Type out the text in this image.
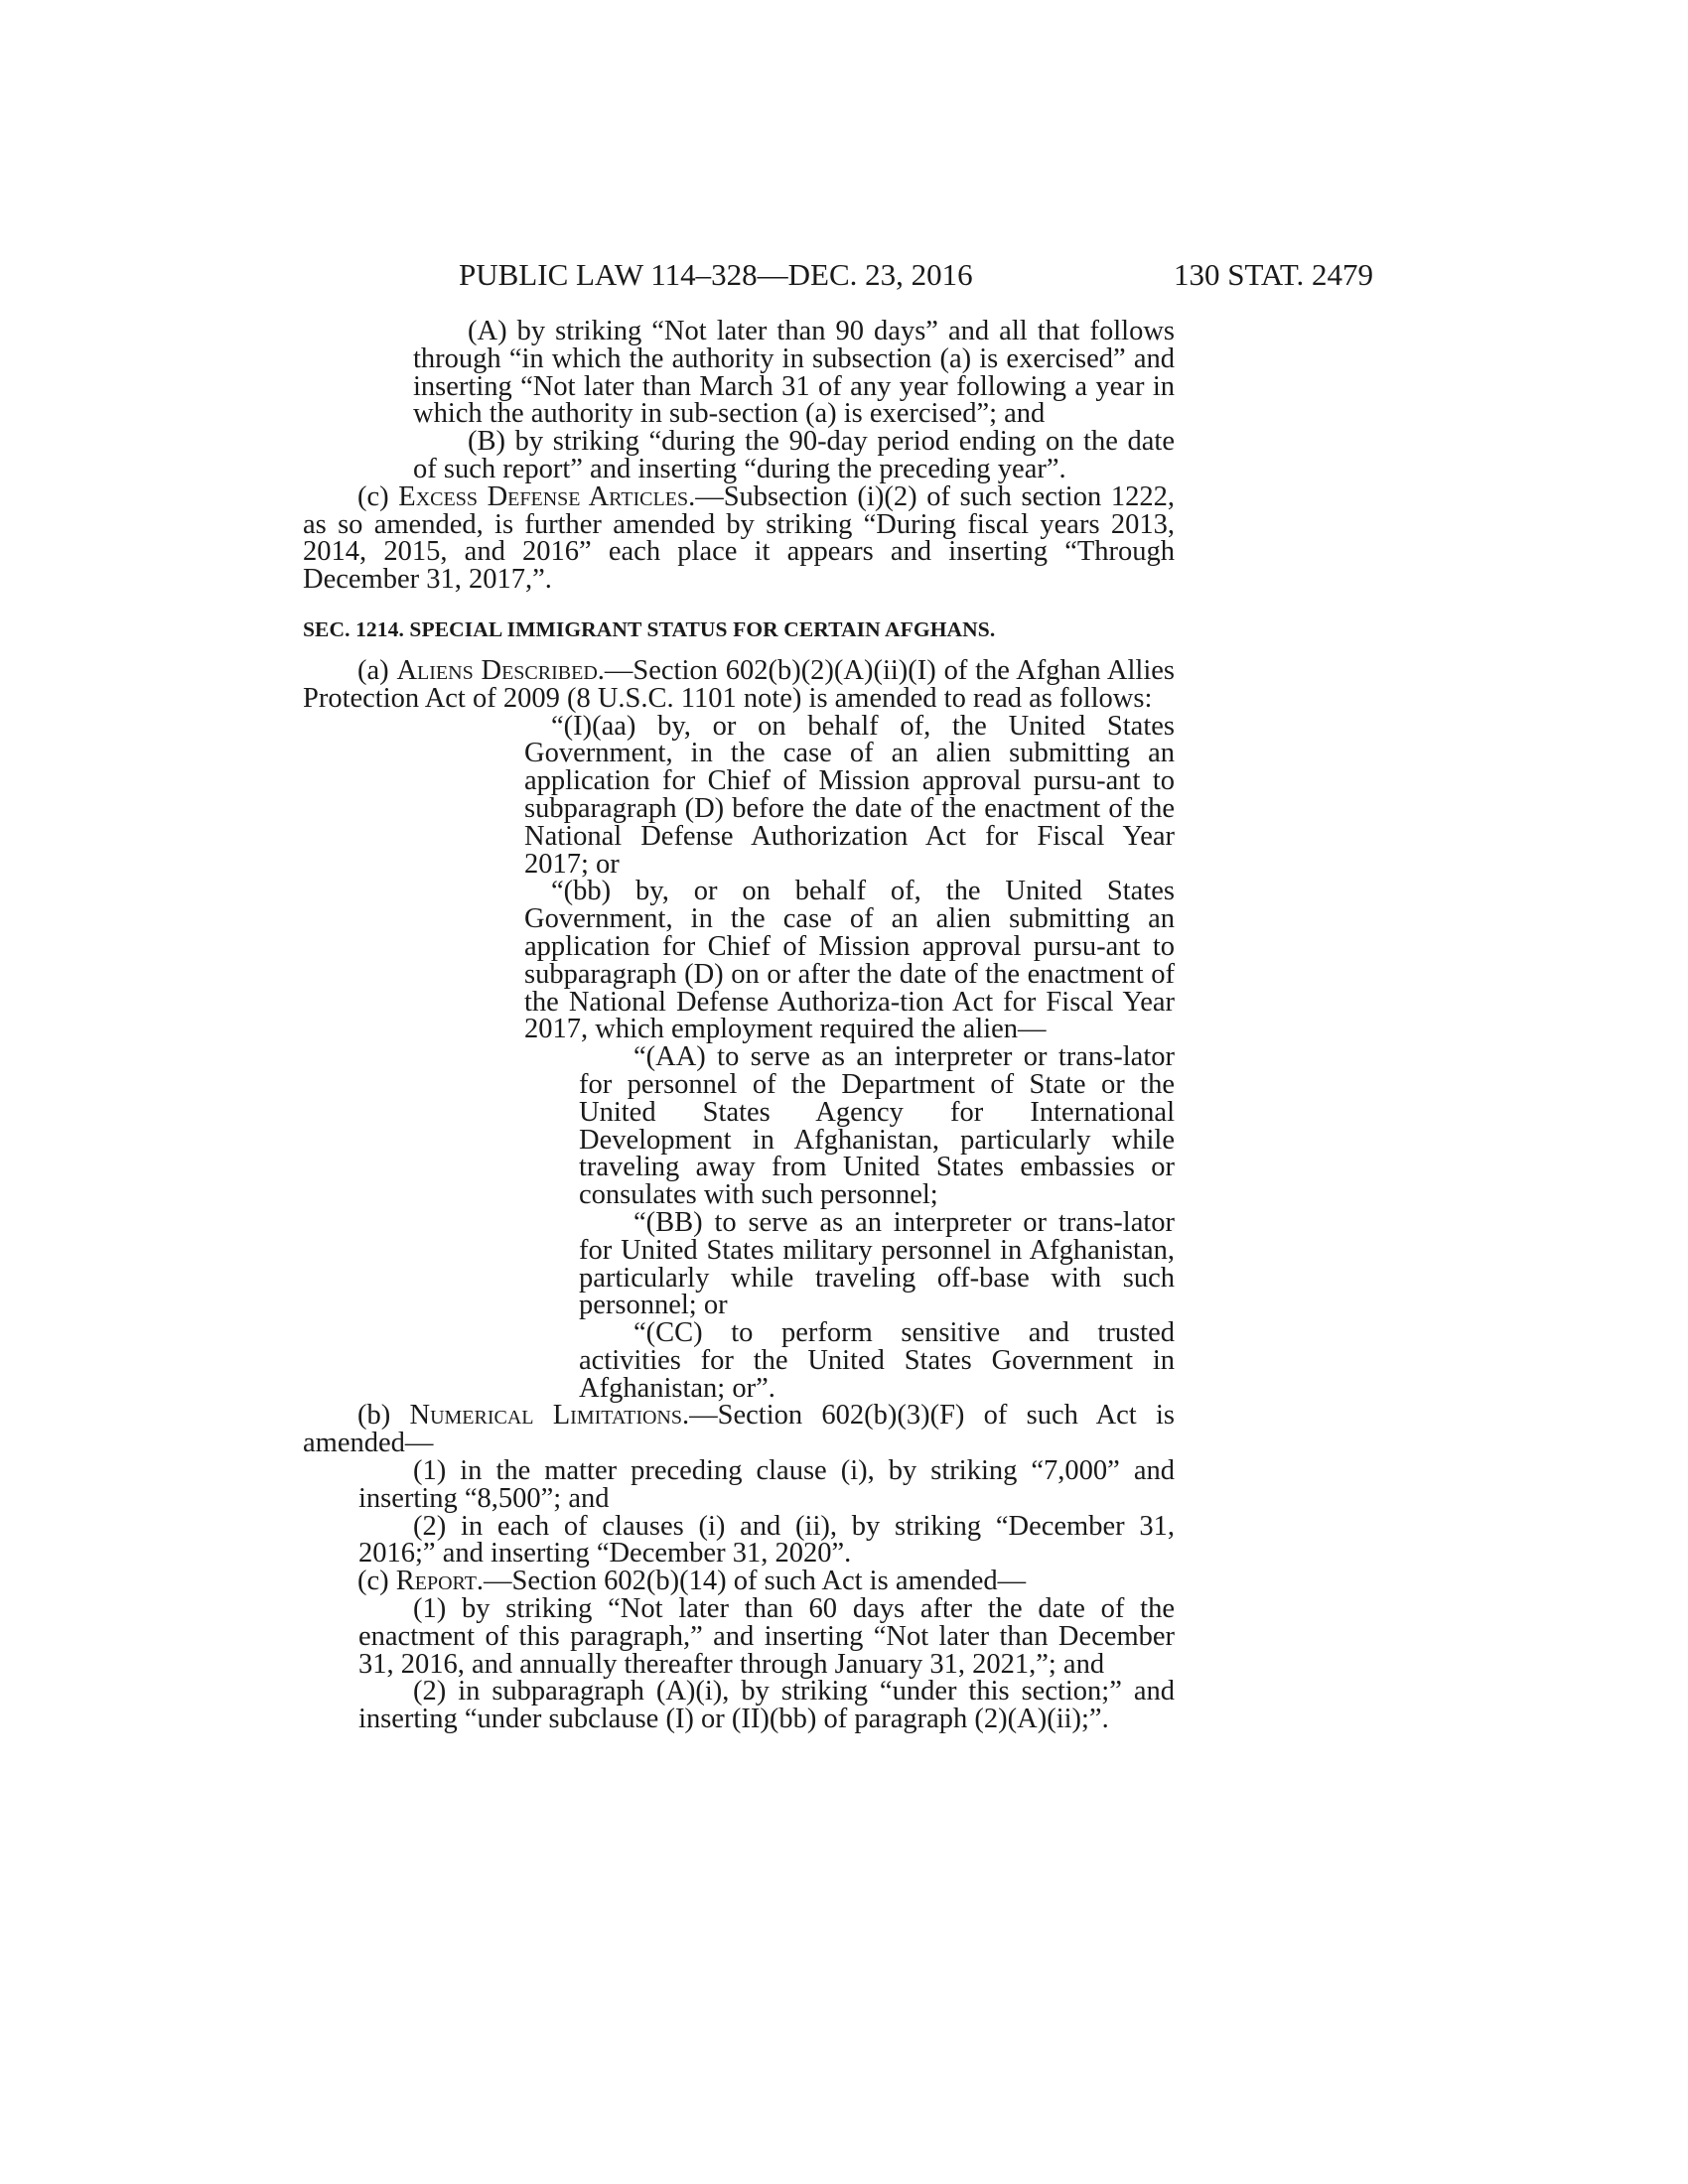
PUBLIC LAW 114–328—DEC. 23, 2016	130 STAT. 2479

(A) by striking “Not later than 90 days” and all that follows through “in which the authority in subsection (a) is exercised” and inserting “Not later than March 31 of any year following a year in which the authority in sub-section (a) is exercised”; and

(B) by striking “during the 90-day period ending on the date of such report” and inserting “during the preceding year”.

(c) Excess Defense Articles.—Subsection (i)(2) of such section 1222, as so amended, is further amended by striking “During fiscal years 2013, 2014, 2015, and 2016” each place it appears and inserting “Through December 31, 2017,”.

SEC. 1214. SPECIAL IMMIGRANT STATUS FOR CERTAIN AFGHANS.

(a) Aliens Described.—Section 602(b)(2)(A)(ii)(I) of the Afghan Allies Protection Act of 2009 (8 U.S.C. 1101 note) is amended to read as follows:

“(I)(aa) by, or on behalf of, the United States Government, in the case of an alien submitting an application for Chief of Mission approval pursu-ant to subparagraph (D) before the date of the enactment of the National Defense Authorization Act for Fiscal Year 2017; or

“(bb) by, or on behalf of, the United States Government, in the case of an alien submitting an application for Chief of Mission approval pursu-ant to subparagraph (D) on or after the date of the enactment of the National Defense Authoriza-tion Act for Fiscal Year 2017, which employment required the alien—

“(AA) to serve as an interpreter or trans-lator for personnel of the Department of State or the United States Agency for International Development in Afghanistan, particularly while traveling away from United States embassies or consulates with such personnel;

“(BB) to serve as an interpreter or trans-lator for United States military personnel in Afghanistan, particularly while traveling off-base with such personnel; or

“(CC) to perform sensitive and trusted activities for the United States Government in Afghanistan; or”.

(b) Numerical Limitations.—Section 602(b)(3)(F) of such Act is amended—

(1) in the matter preceding clause (i), by striking “7,000” and inserting “8,500”; and

(2) in each of clauses (i) and (ii), by striking “December 31, 2016;” and inserting “December 31, 2020”.

(c) Report.—Section 602(b)(14) of such Act is amended—

(1) by striking “Not later than 60 days after the date of the enactment of this paragraph,” and inserting “Not later than December 31, 2016, and annually thereafter through January 31, 2021,”; and

(2) in subparagraph (A)(i), by striking “under this section;” and inserting “under subclause (I) or (II)(bb) of paragraph (2)(A)(ii);”.
